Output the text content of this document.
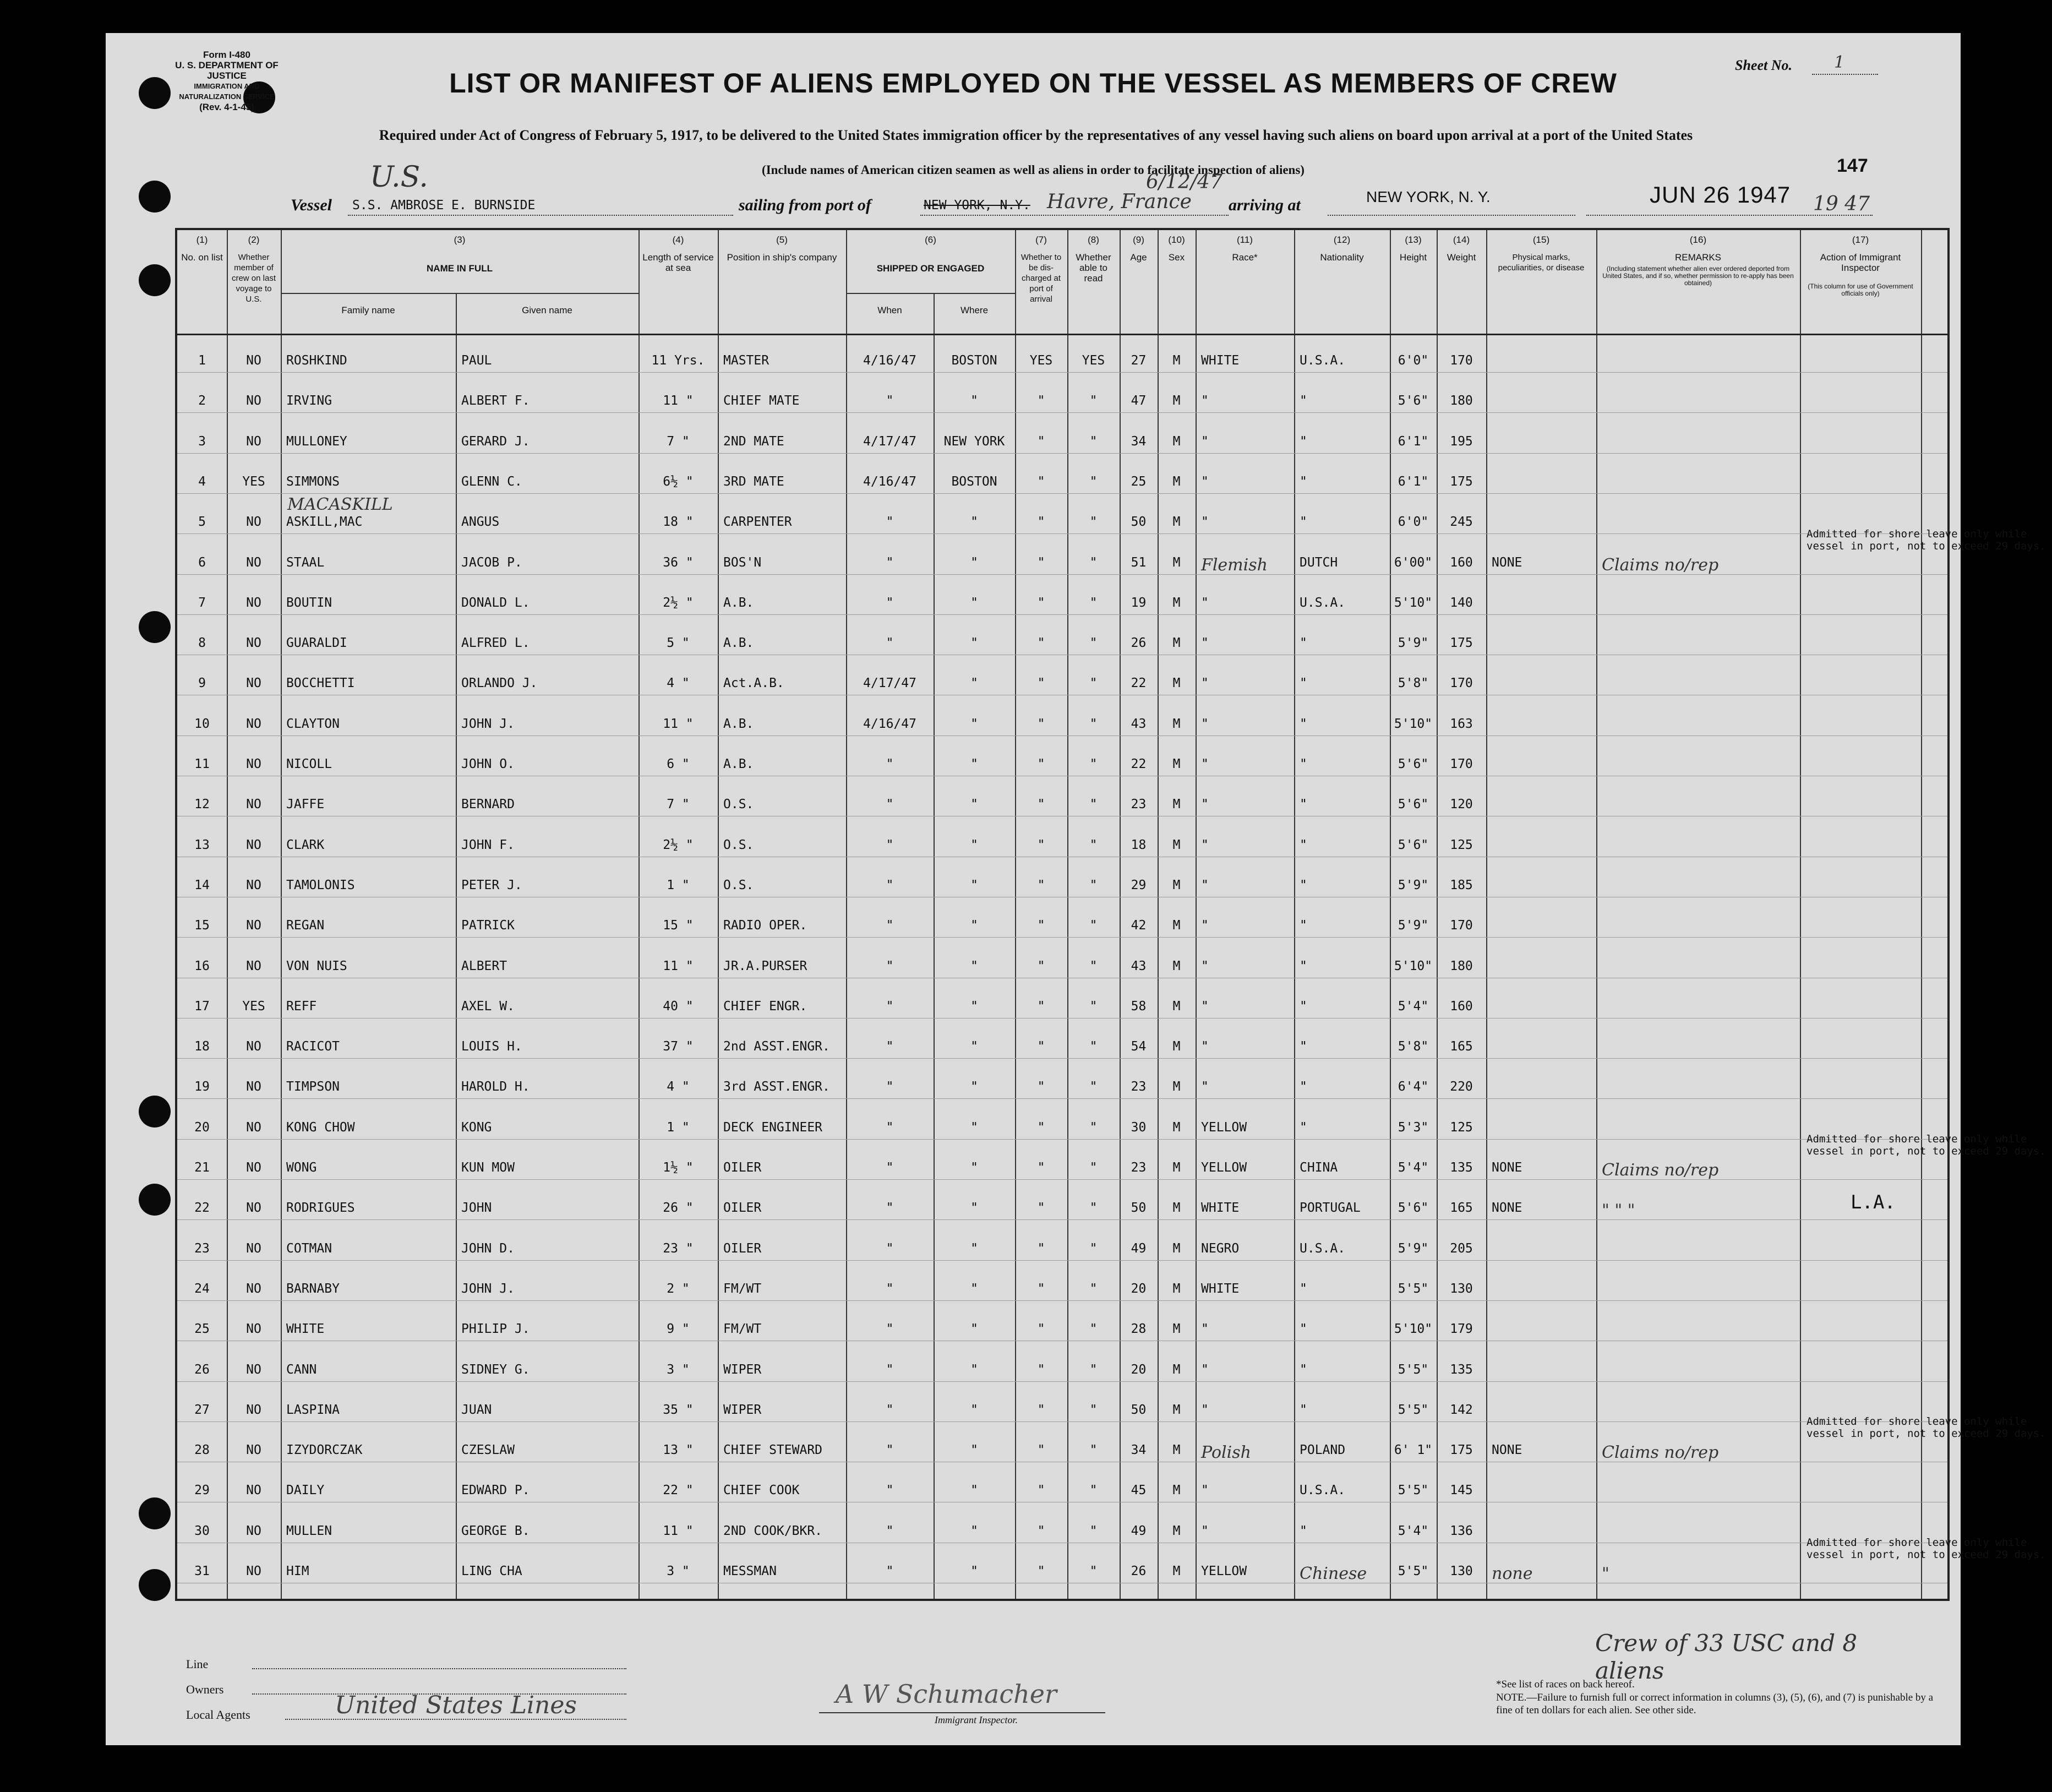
Form I-480
U. S. DEPARTMENT OF JUSTICE
IMMIGRATION AND NATURALIZATION SERVICE
(Rev. 4-1-45)
LIST OR MANIFEST OF ALIENS EMPLOYED ON THE VESSEL AS MEMBERS OF CREW
Sheet No.	1
Required under Act of Congress of February 5, 1917, to be delivered to the United States immigration officer by the representatives of any vessel having such aliens on board upon arrival at a port of the United States
(Include names of American citizen seamen as well as aliens in order to facilitate inspection of aliens)	147
U.S.
Vessel S.S. AMBROSE E. BURNSIDE	sailing from port of	NEW YORK, N.Y. Havre, France
6/12/47
arriving at	NEW YORK, N. Y.	JUN 26 1947 19 47
(1)
No. on list
(2)
Whether member of crew on last voyage to U.S.
(3)
NAME IN FULL
Family name	Given name
(4)
Length of service at sea
(5)
Position in ship's company
(6)
SHIPPED OR ENGAGED
When	Where
(7)
Whether to be dis-charged at port of arrival
(8)
Whether able to read
(9)
Age
(10)
Sex
(11)
Race*
(12)
Nationality
(13)
Height
(14)
Weight
(15)
Physical marks, peculiarities, or disease
(16)
REMARKS
(Including statement whether alien ever ordered deported from United States, and if so, whether permission to re-apply has been obtained)
(17)
Action of Immigrant Inspector
(This column for use of Government officials only)
1	NO	ROSHKIND	PAUL	11 Yrs.	MASTER	4/16/47	BOSTON	YES	YES	27	M	WHITE	U.S.A.	6'0"	170
2	NO	IRVING	ALBERT F.	11 "	CHIEF MATE	"	"	"	"	47	M	"	"	5'6"	180
3	NO	MULLONEY	GERARD J.	7 "	2ND MATE	4/17/47	NEW YORK	"	"	34	M	"	"	6'1"	195
4	YES	SIMMONS	GLENN C.	6½ "	3RD MATE	4/16/47	BOSTON	"	"	25	M	"	"	6'1"	175
5	NO	ASKILL,MAC	ANGUS	18 "	CARPENTER	"	"	"	"	50	M	"	"	6'0"	245
MACASKILL
6	NO	STAAL	JACOB P.	36 "	BOS'N	"	"	"	"	51	M	Flemish	DUTCH	6'00"	160	NONE	Claims no/rep
Admitted for shore leave only while vessel in port, not to exceed 29 days.
7	NO	BOUTIN	DONALD L.	2½ "	A.B.	"	"	"	"	19	M	"	U.S.A.	5'10"	140
8	NO	GUARALDI	ALFRED L.	5 "	A.B.	"	"	"	"	26	M	"	"	5'9"	175
9	NO	BOCCHETTI	ORLANDO J.	4 "	Act.A.B.	4/17/47	"	"	"	22	M	"	"	5'8"	170
10	NO	CLAYTON	JOHN J.	11 "	A.B.	4/16/47	"	"	"	43	M	"	"	5'10"	163
11	NO	NICOLL	JOHN O.	6 "	A.B.	"	"	"	"	22	M	"	"	5'6"	170
12	NO	JAFFE	BERNARD	7 "	O.S.	"	"	"	"	23	M	"	"	5'6"	120
13	NO	CLARK	JOHN F.	2½ "	O.S.	"	"	"	"	18	M	"	"	5'6"	125
14	NO	TAMOLONIS	PETER J.	1 "	O.S.	"	"	"	"	29	M	"	"	5'9"	185
15	NO	REGAN	PATRICK	15 "	RADIO OPER.	"	"	"	"	42	M	"	"	5'9"	170
16	NO	VON NUIS	ALBERT	11 "	JR.A.PURSER	"	"	"	"	43	M	"	"	5'10"	180
17	YES	REFF	AXEL W.	40 "	CHIEF ENGR.	"	"	"	"	58	M	"	"	5'4"	160
18	NO	RACICOT	LOUIS H.	37 "	2nd ASST.ENGR.	"	"	"	"	54	M	"	"	5'8"	165
19	NO	TIMPSON	HAROLD H.	4 "	3rd ASST.ENGR.	"	"	"	"	23	M	"	"	6'4"	220
20	NO	KONG CHOW	KONG	1 "	DECK ENGINEER	"	"	"	"	30	M	YELLOW	"	5'3"	125
21	NO	WONG	KUN MOW	1½ "	OILER	"	"	"	"	23	M	YELLOW	CHINA	5'4"	135	NONE	Claims no/rep
Admitted for shore leave only while vessel in port, not to exceed 29 days.
22	NO	RODRIGUES	JOHN	26 "	OILER	"	"	"	"	50	M	WHITE	PORTUGAL	5'6"	165	NONE	" " "	L.A.
23	NO	COTMAN	JOHN D.	23 "	OILER	"	"	"	"	49	M	NEGRO	U.S.A.	5'9"	205
24	NO	BARNABY	JOHN J.	2 "	FM/WT	"	"	"	"	20	M	WHITE	"	5'5"	130
25	NO	WHITE	PHILIP J.	9 "	FM/WT	"	"	"	"	28	M	"	"	5'10"	179
26	NO	CANN	SIDNEY G.	3 "	WIPER	"	"	"	"	20	M	"	"	5'5"	135
27	NO	LASPINA	JUAN	35 "	WIPER	"	"	"	"	50	M	"	"	5'5"	142
28	NO	IZYDORCZAK	CZESLAW	13 "	CHIEF STEWARD	"	"	"	"	34	M	Polish	POLAND	6' 1"	175	NONE	Claims no/rep
Admitted for shore leave only while vessel in port, not to exceed 29 days.
29	NO	DAILY	EDWARD P.	22 "	CHIEF COOK	"	"	"	"	45	M	"	U.S.A.	5'5"	145
30	NO	MULLEN	GEORGE B.	11 "	2ND COOK/BKR.	"	"	"	"	49	M	"	"	5'4"	136
31	NO	HIM	LING CHA	3 "	MESSMAN	"	"	"	"	26	M	YELLOW	Chinese	5'5"	130	none	"
Admitted for shore leave only while vessel in port, not to exceed 29 days.
Line
Owners
Local Agents	United States Lines	A W Schumacher
Immigrant Inspector.
Crew of 33 USC and 8 aliens
*See list of races on back hereof.
NOTE.—Failure to furnish full or correct information in columns (3), (5), (6), and (7) is punishable by a fine of ten dollars for each alien. See other side.
